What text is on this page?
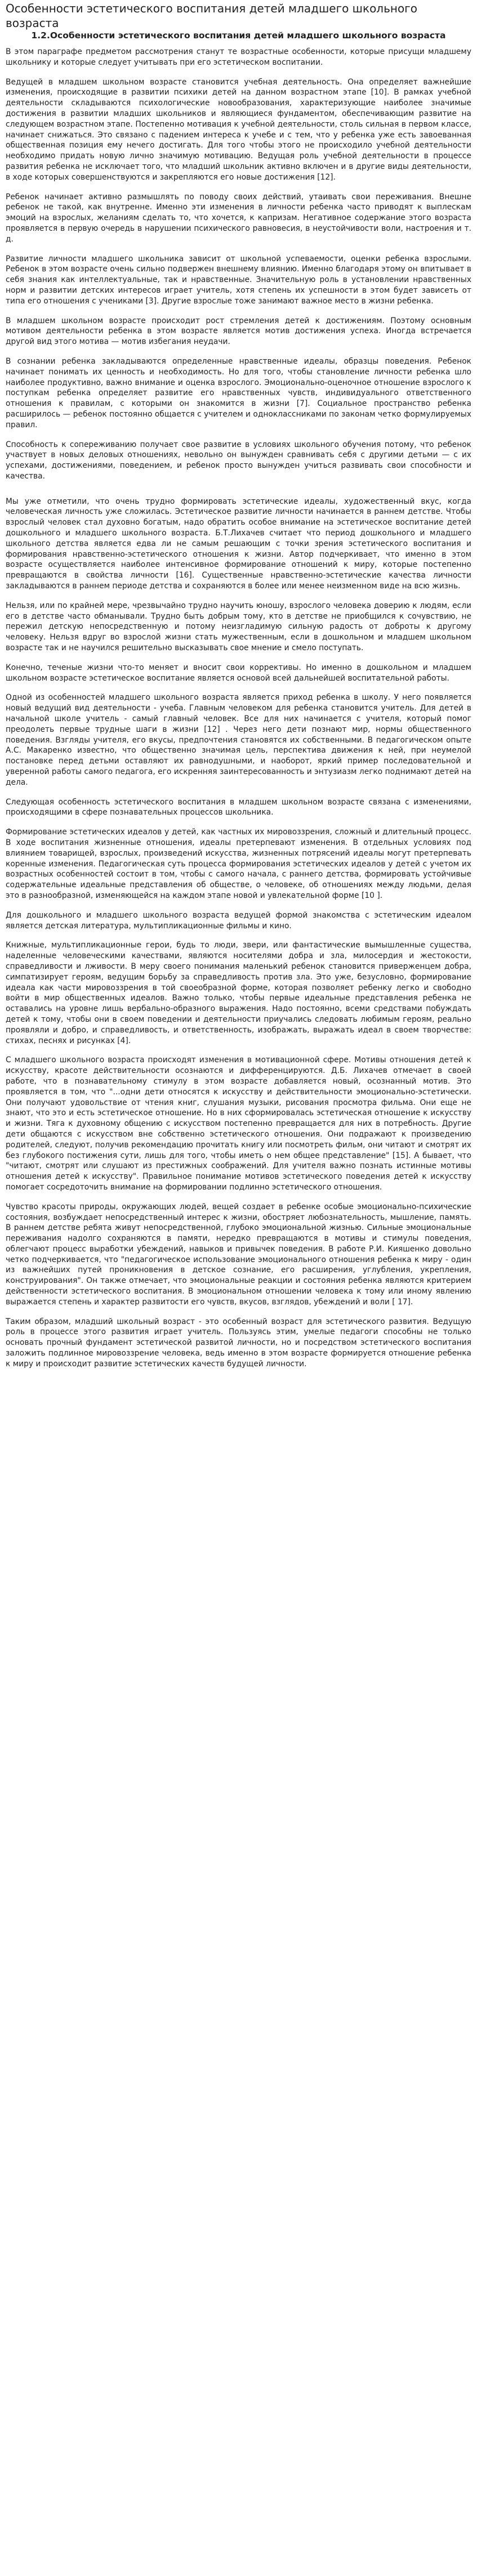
Особенности эстетического воспитания детей младшего школьного возраста
1.2.Особенности эстетического воспитания детей младшего школьного возраста

В этом параграфе предметом рассмотрения станут те возрастные особенности, которые присущи младшему школьнику и которые следует учитывать при его эстетическом воспитании.

Ведущей в младшем школьном возрасте становится учебная деятельность. Она определяет важнейшие изменения, происходящие в развитии психики детей на данном возрастном этапе [10]. В рамках учебной деятельности складываются психологические новообразования, характеризующие наиболее значимые достижения в развитии младших школьников и являющиеся фундаментом, обеспечивающим развитие на следующем возрастном этапе. Постепенно мотивация к учебной деятельности, столь сильная в первом классе, начинает снижаться. Это связано с падением интереса к учебе и с тем, что у ребенка уже есть завоеванная общественная позиция ему нечего достигать. Для того чтобы этого не происходило учебной деятельности необходимо придать новую лично значимую мотивацию. Ведущая роль учебной деятельности в процессе развития ребенка не исключает того, что младший школьник активно включен и в другие виды деятельности, в ходе которых совершенствуются и закрепляются его новые достижения [12].

Ребенок начинает активно размышлять по поводу своих действий, утаивать свои переживания. Внешне ребенок не такой, как внутренне. Именно эти изменения в личности ребенка часто приводят к выплескам эмоций на взрослых, желаниям сделать то, что хочется, к капризам. Негативное содержание этого возраста проявляется в первую очередь в нарушении психического равновесия, в неустойчивости воли, настроения и т. д.

Развитие личности младшего школьника зависит от школьной успеваемости, оценки ребенка взрослыми. Ребенок в этом возрасте очень сильно подвержен внешнему влиянию. Именно благодаря этому он впитывает в себя знания как интеллектуальные, так и нравственные. Значительную роль в установлении нравственных норм и развитии детских интересов играет учитель, хотя степень их успешности в этом будет зависеть от типа его отношения с учениками [3]. Другие взрослые тоже занимают важное место в жизни ребенка.

В младшем школьном возрасте происходит рост стремления детей к достижениям. Поэтому основным мотивом деятельности ребенка в этом возрасте является мотив достижения успеха. Иногда встречается другой вид этого мотива — мотив избегания неудачи.

В сознании ребенка закладываются определенные нравственные идеалы, образцы поведения. Ребенок начинает понимать их ценность и необходимость. Но для того, чтобы становление личности ребенка шло наиболее продуктивно, важно внимание и оценка взрослого. Эмоционально-оценочное отношение взрослого к поступкам ребенка определяет развитие его нравственных чувств, индивидуального ответственного отношения к правилам, с которыми он знакомится в жизни [7]. Социальное пространство ребенка расширилось — ребенок постоянно общается с учителем и одноклассниками по законам четко формулируемых правил.

Способность к сопереживанию получает свое развитие в условиях школьного обучения потому, что ребенок участвует в новых деловых отношениях, невольно он вынужден сравнивать себя с другими детьми — с их успехами, достижениями, поведением, и ребенок просто вынужден учиться развивать свои способности и качества.

Мы уже отметили, что очень трудно формировать эстетические идеалы, художественный вкус, когда человеческая личность уже сложилась. Эстетическое развитие личности начинается в раннем детстве. Чтобы взрослый человек стал духовно богатым, надо обратить особое внимание на эстетическое воспитание детей дошкольного и младшего школьного возраста. Б.Т.Лихачев считает что период дошкольного и младшего школьного детства является едва ли не самым решающим с точки зрения эстетического воспитания и формирования нравственно-эстетического отношения к жизни. Автор подчеркивает, что именно в этом возрасте осуществляется наиболее интенсивное формирование отношений к миру, которые постепенно превращаются в свойства личности [16]. Существенные нравственно-эстетические качества личности закладываются в раннем периоде детства и сохраняются в более или менее неизменном виде на всю жизнь.

Нельзя, или по крайней мере, чрезвычайно трудно научить юношу, взрослого человека доверию к людям, если его в детстве часто обманывали. Трудно быть добрым тому, кто в детстве не приобщился к сочувствию, не пережил детскую непосредственную и потому неизгладимую сильную радость от доброты к другому человеку. Нельзя вдруг во взрослой жизни стать мужественным, если в дошкольном и младшем школьном возрасте так и не научился решительно высказывать свое мнение и смело поступать.

Конечно, теченые жизни что-то меняет и вносит свои коррективы. Но именно в дошкольном и младшем школьном возрасте эстетическое воспитание является основой всей дальнейшей воспитательной работы.

Одной из особенностей младшего школьного возраста является приход ребенка в школу. У него появляется новый ведущий вид деятельности - учеба. Главным человеком для ребенка становится учитель. Для детей в начальной школе учитель - самый главный человек. Все для них начинается с учителя, который помог преодолеть первые трудные шаги в жизни [12] . Через него дети познают мир, нормы общественного поведения. Взгляды учителя, его вкусы, предпочтения становятся их собственными. В педагогическом опыте А.С. Макаренко известно, что общественно значимая цель, перспектива движения к ней, при неумелой постановке перед детьми оставляют их равнодушными, и наоборот, яркий пример последовательной и уверенной работы самого педагога, его искренняя заинтересованность и энтузиазм легко поднимают детей на дела.

Следующая особенность эстетического воспитания в младшем школьном возрасте связана с изменениями, происходящими в сфере познавательных процессов школьника.

Формирование эстетических идеалов у детей, как частных их мировоззрения, сложный и длительный процесс. В ходе воспитания жизненные отношения, идеалы претерпевают изменения. В отдельных условиях под влиянием товарищей, взрослых, произведений искусства, жизненных потрясений идеалы могут претерпевать коренные изменения. Педагогическая суть процесса формирования эстетических идеалов у детей с учетом их возрастных особенностей состоит в том, чтобы с самого начала, с раннего детства, формировать устойчивые содержательные идеальные представления об обществе, о человеке, об отношениях между людьми, делая это в разнообразной, изменяющейся на каждом этапе новой и увлекательной форме [10 ].

Для дошкольного и младшего школьного возраста ведущей формой знакомства с эстетическим идеалом является детская литература, мультипликационные фильмы и кино.

Книжные, мультипликационные герои, будь то люди, звери, или фантастические вымышленные существа, наделенные человеческими качествами, являются носителями добра и зла, милосердия и жестокости, справедливости и лживости. В меру своего понимания маленький ребенок становится приверженцем добра, симпатизирует героям, ведущим борьбу за справедливость против зла. Это уже, безусловно, формирование идеала как части мировоззрения в той своеобразной форме, которая позволяет ребенку легко и свободно войти в мир общественных идеалов. Важно только, чтобы первые идеальные представления ребенка не оставались на уровне лишь вербально-образного выражения. Надо постоянно, всеми средствами побуждать детей к тому, чтобы они в своем поведении и деятельности приучались следовать любимым героям, реально проявляли и добро, и справедливость, и ответственность, изображать, выражать идеал в своем творчестве: стихах, песнях и рисунках [4].

С младшего школьного возраста происходят изменения в мотивационной сфере. Мотивы отношения детей к искусству, красоте действительности осознаются и дифференцируются. Д.Б. Лихачев отмечает в своей работе, что в познавательному стимулу в этом возрасте добавляется новый, осознанный мотив. Это проявляется в том, что "...одни дети относятся к искусству и действительности эмоционально-эстетически. Они получают удовольствие от чтения книг, слушания музыки, рисования просмотра фильма. Они еще не знают, что это и есть эстетическое отношение. Но в них сформировалась эстетическая отношение к искусству и жизни. Тяга к духовному общению с искусством постепенно превращается для них в потребность. Другие дети общаются с искусством вне собственно эстетического отношения. Они подражают к произведению родителей, следуют, получив рекомендацию прочитать книгу или посмотреть фильм, они читают и смотрят их без глубокого постижения сути, лишь для того, чтобы иметь о нем общее представление" [15]. А бывает, что "читают, смотрят или слушают из престижных соображений. Для учителя важно познать истинные мотивы отношения детей к искусству". Правильное понимание мотивов эстетического поведения детей к искусству помогает сосредоточить внимание на формировании подлинно эстетического отношения.

Чувство красоты природы, окружающих людей, вещей создает в ребенке особые эмоционально-психические состояния, возбуждает непосредственный интерес к жизни, обостряет любознательность, мышление, память. В раннем детстве ребята живут непосредственной, глубоко эмоциональной жизнью. Сильные эмоциональные переживания надолго сохраняются в памяти, нередко превращаются в мотивы и стимулы поведения, облегчают процесс выработки убеждений, навыков и привычек поведения. В работе Р.И. Кияшенко довольно четко подчеркивается, что "педагогическое использование эмоционального отношения ребенка к миру - один из важнейших путей проникновения в детское сознание, его расширения, углубления, укрепления, конструирования". Он также отмечает, что эмоциональные реакции и состояния ребенка являются критерием действенности эстетического воспитания. В эмоциональном отношении человека к тому или иному явлению выражается степень и характер развитости его чувств, вкусов, взглядов, убеждений и воли [ 17].

Таким образом, младший школьный возраст - это особенный возраст для эстетического развития. Ведущую роль в процессе этого развития играет учитель. Пользуясь этим, умелые педагоги способны не только основать прочный фундамент эстетической развитой личности, но и посредством эстетического воспитания заложить подлинное мировоззрение человека, ведь именно в этом возрасте формируется отношение ребенка к миру и происходит развитие эстетических качеств будущей личности.
